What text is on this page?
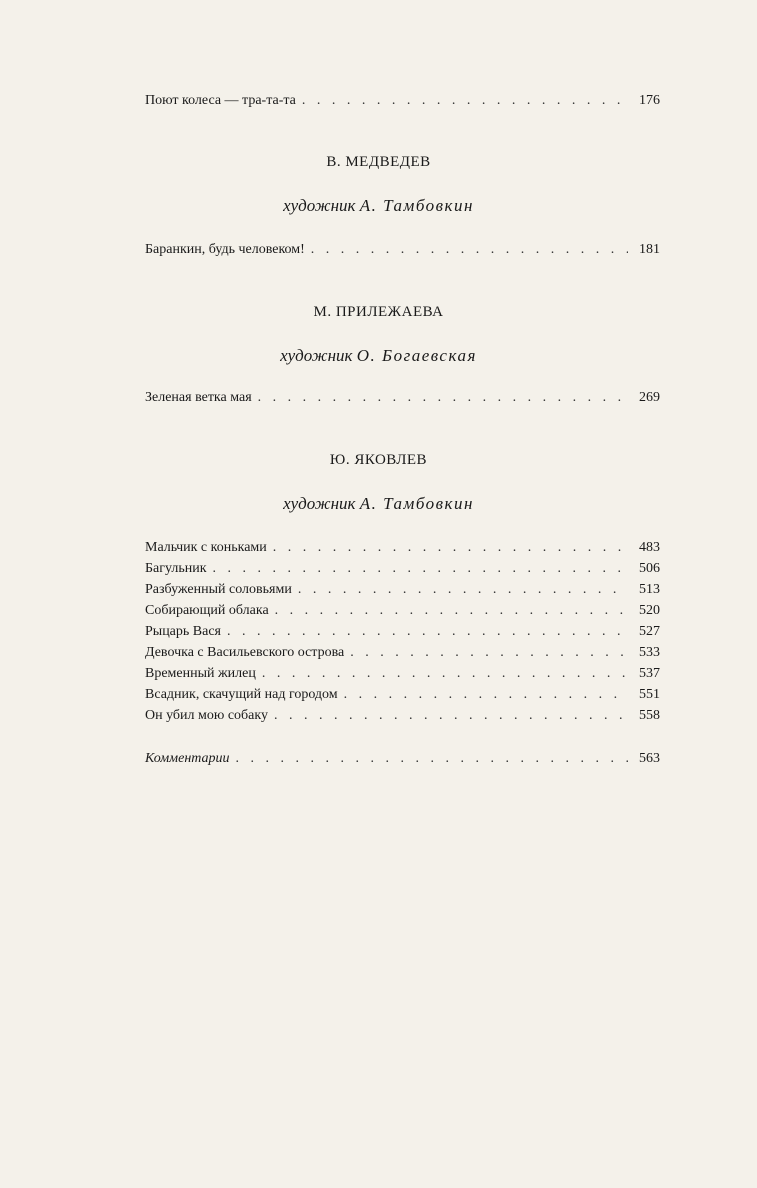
Поют колеса — тра-та-та . . .	176
В. МЕДВЕДЕВ
художник А. Тамбовкин
Баранкин, будь человеком! . . .	181
М. ПРИЛЕЖАЕВА
художник О. Богаевская
Зеленая ветка мая . . .	269
Ю. ЯКОВЛЕВ
художник А. Тамбовкин
Мальчик с коньками . . .	483
Багульник . . .	506
Разбуженный соловьями . . .	513
Собирающий облака . . .	520
Рыцарь Вася . . .	527
Девочка с Васильевского острова . . .	533
Временный жилец . . .	537
Всадник, скачущий над городом . . .	551
Он убил мою собаку . . .	558
Комментарии . . .	563
